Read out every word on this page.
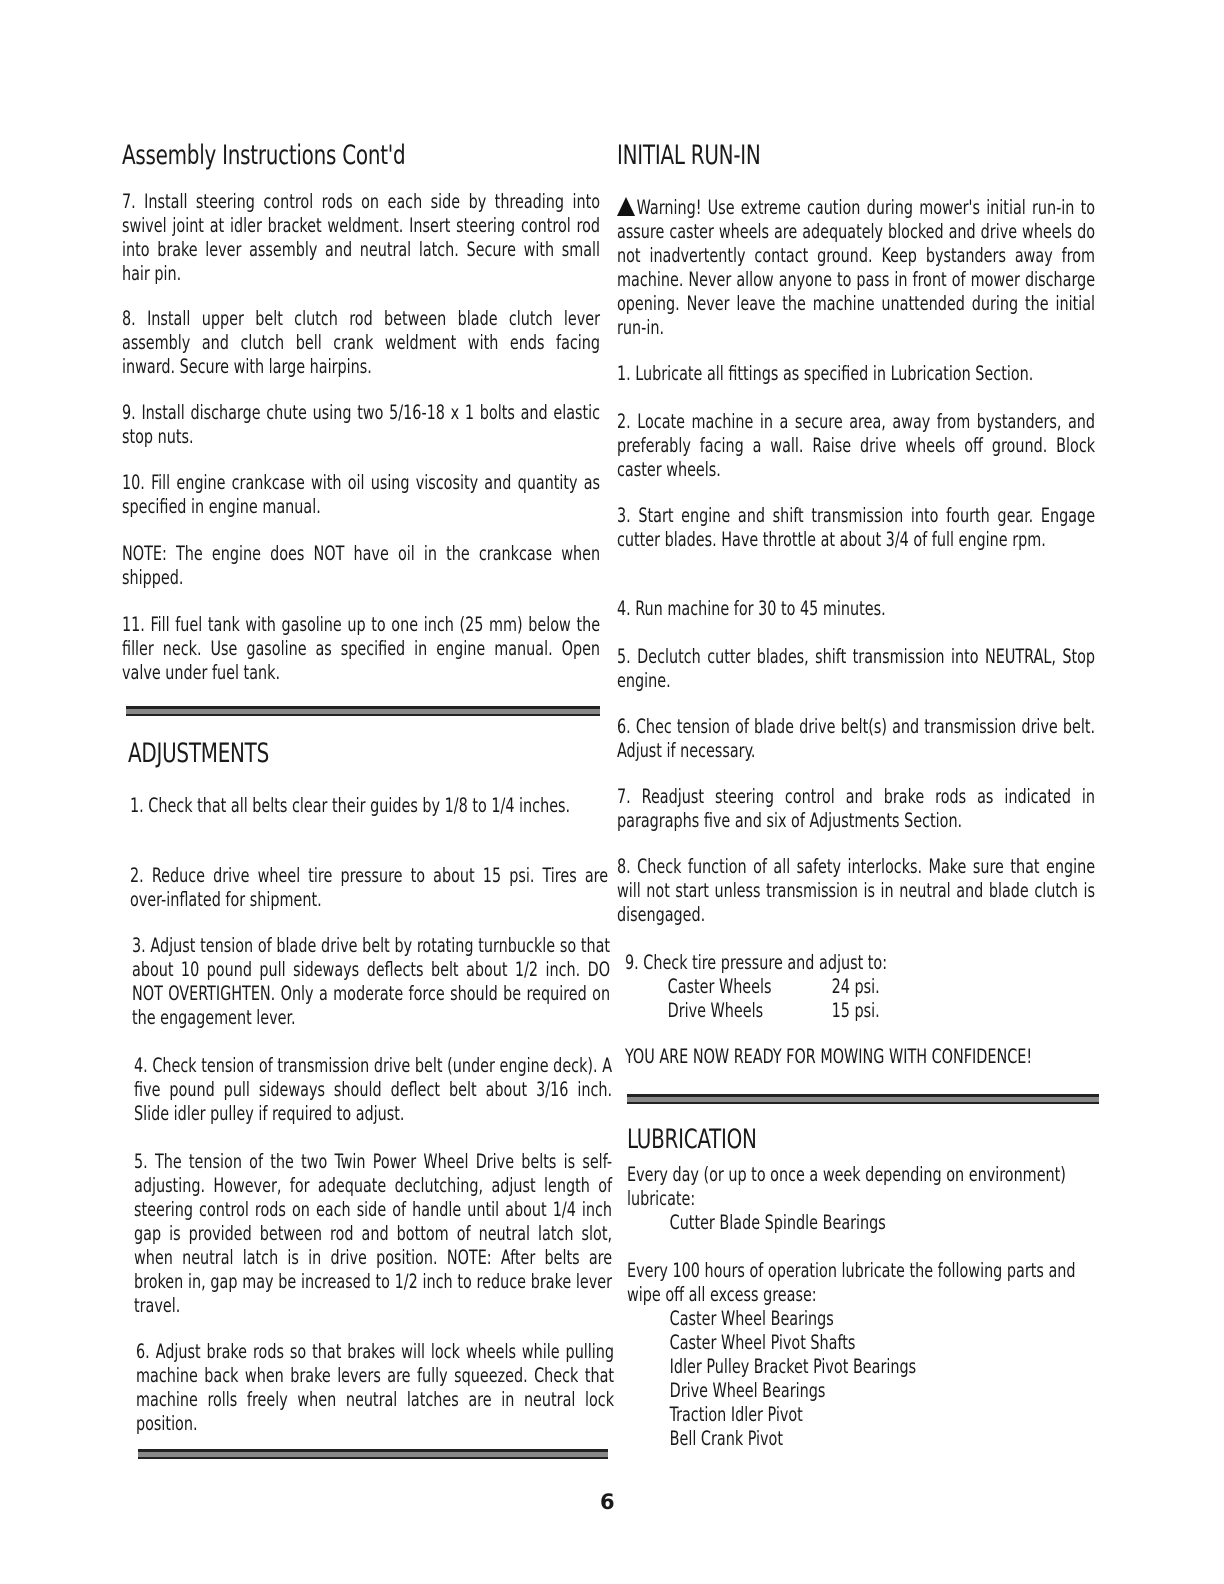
Assembly Instructions Cont'd

7. Install steering control rods on each side by threading into swivel joint at idler bracket weldment. Insert steering control rod into brake lever assembly and neutral latch. Secure with small hair pin.

8. Install upper belt clutch rod between blade clutch lever assembly and clutch bell crank weldment with ends facing inward. Secure with large hairpins.

9. Install discharge chute using two 5/16-18 x 1 bolts and elastic stop nuts.

10. Fill engine crankcase with oil using viscosity and quantity as specified in engine manual.

NOTE: The engine does NOT have oil in the crankcase when shipped.

11. Fill fuel tank with gasoline up to one inch (25 mm) below the filler neck. Use gasoline as specified in engine manual. Open valve under fuel tank.

ADJUSTMENTS

1. Check that all belts clear their guides by 1/8 to 1/4 inches.

2. Reduce drive wheel tire pressure to about 15 psi. Tires are over-inflated for shipment.

3. Adjust tension of blade drive belt by rotating turnbuckle so that about 10 pound pull sideways deflects belt about 1/2 inch. DO NOT OVERTIGHTEN. Only a moderate force should be required on the engagement lever.

4. Check tension of transmission drive belt (under engine deck). A five pound pull sideways should deflect belt about 3/16 inch. Slide idler pulley if required to adjust.

5. The tension of the two Twin Power Wheel Drive belts is self-adjusting. However, for adequate declutching, adjust length of steering control rods on each side of handle until about 1/4 inch gap is provided between rod and bottom of neutral latch slot, when neutral latch is in drive position. NOTE: After belts are broken in, gap may be increased to 1/2 inch to reduce brake lever travel.

6. Adjust brake rods so that brakes will lock wheels while pulling machine back when brake levers are fully squeezed. Check that machine rolls freely when neutral latches are in neutral lock position.

INITIAL RUN-IN

Warning! Use extreme caution during mower's initial run-in to assure caster wheels are adequately blocked and drive wheels do not inadvertently contact ground. Keep bystanders away from machine. Never allow anyone to pass in front of mower discharge opening. Never leave the machine unattended during the initial run-in.

1. Lubricate all fittings as specified in Lubrication Section.

2. Locate machine in a secure area, away from bystanders, and preferably facing a wall. Raise drive wheels off ground. Block caster wheels.

3. Start engine and shift transmission into fourth gear. Engage cutter blades. Have throttle at about 3/4 of full engine rpm.

4. Run machine for 30 to 45 minutes.

5. Declutch cutter blades, shift transmission into NEUTRAL, Stop engine.

6. Chec tension of blade drive belt(s) and transmission drive belt. Adjust if necessary.

7. Readjust steering control and brake rods as indicated in paragraphs five and six of Adjustments Section.

8. Check function of all safety interlocks. Make sure that engine will not start unless transmission is in neutral and blade clutch is disengaged.

9. Check tire pressure and adjust to:
Caster Wheels	24 psi.
Drive Wheels	15 psi.

YOU ARE NOW READY FOR MOWING WITH CONFIDENCE!

LUBRICATION

Every day (or up to once a week depending on environment) lubricate:
Cutter Blade Spindle Bearings

Every 100 hours of operation lubricate the following parts and wipe off all excess grease:
Caster Wheel Bearings
Caster Wheel Pivot Shafts
Idler Pulley Bracket Pivot Bearings
Drive Wheel Bearings
Traction Idler Pivot
Bell Crank Pivot

6
